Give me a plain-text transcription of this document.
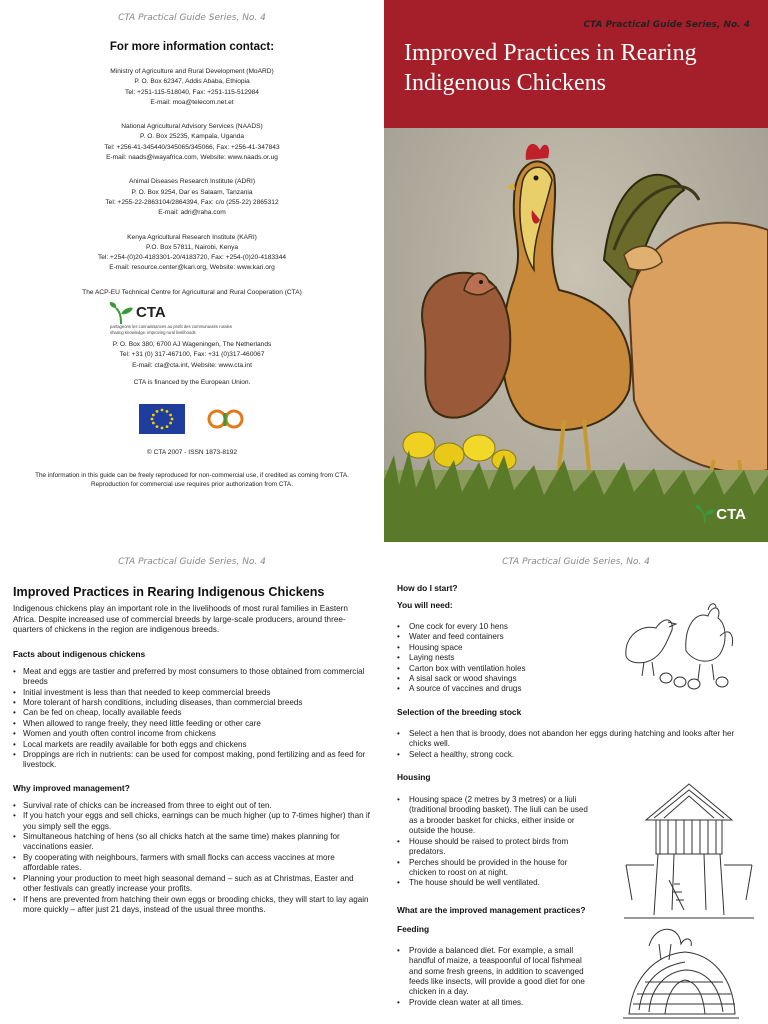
CTA Practical Guide Series, No. 4
For more information contact:
Ministry of Agriculture and Rural Development (MoARD)
P. O. Box 62347, Addis Ababa, Ethiopia
Tel: +251-115-518040, Fax: +251-115-512984
E-mail: moa@telecom.net.et
National Agricultural Advisory Services (NAADS)
P. O. Box 25235, Kampala, Uganda
Tel: +256-41-345440/345065/345066, Fax: +256-41-347843
E-mail: naads@iwayafrica.com, Website: www.naads.or.ug
Animal Diseases Research Institute (ADRI)
P. O. Box 9254, Dar es Salaam, Tanzania
Tel: +255-22-2863104/2864394, Fax: c/o (255-22) 2865312
E-mail: adri@raha.com
Kenya Agricultural Research Institute (KARI)
P.O. Box 57811, Nairobi, Kenya
Tel: +254-(0)20-4183301-20/4183720, Fax: +254-(0)20-4183344
E-mail: resource.center@kari.org, Website: www.kari.org
The ACP-EU Technical Centre for Agricultural and Rural Cooperation (CTA)
CTA
partageons les connaissances au profit des communautés rurales
sharing knowledge, improving rural livelihoods
P. O. Box 380, 6700 AJ Wageningen, The Netherlands
Tel: +31 (0) 317-467100, Fax: +31 (0)317-460067
E-mail: cta@cta.int, Website: www.cta.int
CTA is financed by the European Union.
© CTA 2007 - ISSN 1873-8192
The information in this guide can be freely reproduced for non-commercial use, if credited as coming from CTA. Reproduction for commercial use requires prior authorization from CTA.
CTA Practical Guide Series, No. 4
Improved Practices in Rearing
Indigenous Chickens
CTA
CTA Practical Guide Series, No. 4
Improved Practices in Rearing Indigenous Chickens
Indigenous chickens play an important role in the livelihoods of most rural families in Eastern Africa. Despite increased use of commercial breeds by large-scale producers, around three-quarters of chickens in the region are indigenous breeds.
Facts about indigenous chickens
• Meat and eggs are tastier and preferred by most consumers to those obtained from commercial breeds
• Initial investment is less than that needed to keep commercial breeds
• More tolerant of harsh conditions, including diseases, than commercial breeds
• Can be fed on cheap, locally available feeds
• When allowed to range freely, they need little feeding or other care
• Women and youth often control income from chickens
• Local markets are readily available for both eggs and chickens
• Droppings are rich in nutrients: can be used for compost making, pond fertilizing and as feed for livestock.
Why improved management?
• Survival rate of chicks can be increased from three to eight out of ten.
• If you hatch your eggs and sell chicks, earnings can be much higher (up to 7-times higher) than if you simply sell the eggs.
• Simultaneous hatching of hens (so all chicks hatch at the same time) makes planning for vaccinations easier.
• By cooperating with neighbours, farmers with small flocks can access vaccines at more affordable rates.
• Planning your production to meet high seasonal demand – such as at Christmas, Easter and other festivals can greatly increase your profits.
• If hens are prevented from hatching their own eggs or brooding chicks, they will start to lay again more quickly – after just 21 days, instead of the usual three months.
CTA Practical Guide Series, No. 4
How do I start?
You will need:
• One cock for every 10 hens
• Water and feed containers
• Housing space
• Laying nests
• Carton box with ventilation holes
• A sisal sack or wood shavings
• A source of vaccines and drugs
Selection of the breeding stock
• Select a hen that is broody, does not abandon her eggs during hatching and looks after her chicks well.
• Select a healthy, strong cock.
Housing
• Housing space (2 metres by 3 metres) or a liuli (traditional brooding basket). The liuli can be used as a brooder basket for chicks, either inside or outside the house.
• House should be raised to protect birds from predators.
• Perches should be provided in the house for chicken to roost on at night.
• The house should be well ventilated.
What are the improved management practices?
Feeding
• Provide a balanced diet. For example, a small handful of maize, a teaspoonful of local fishmeal and some fresh greens, in addition to scavenged feeds like insects, will provide a good diet for one chicken in a day.
• Provide clean water at all times.
